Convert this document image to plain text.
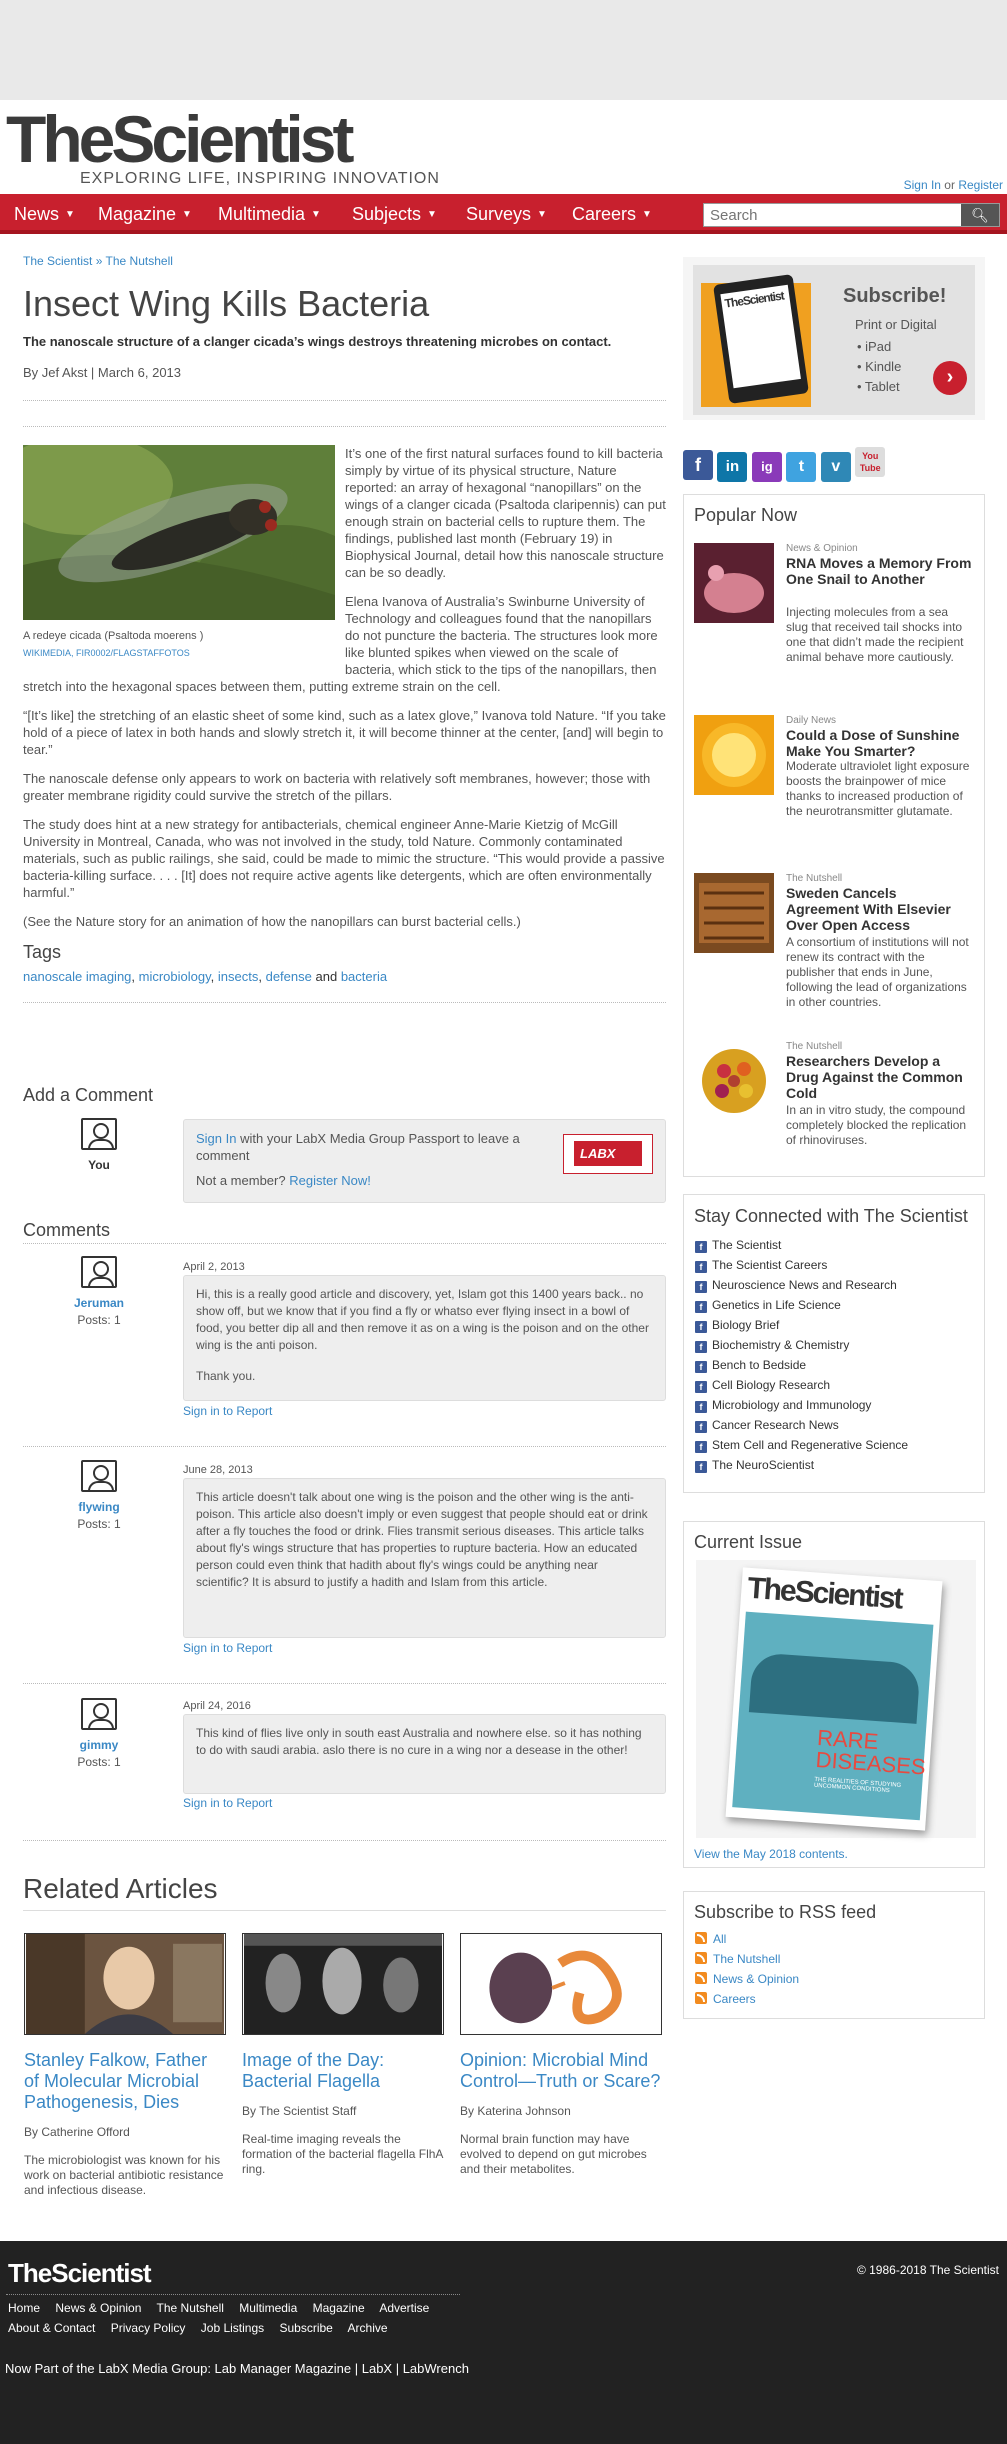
TheScientist
EXPLORING LIFE, INSPIRING INNOVATION	Sign In or Register
News ▼ Magazine ▼ Multimedia ▼ Subjects ▼ Surveys ▼ Careers ▼
Search	🔍︎
The Scientist » The Nutshell
Insect Wing Kills Bacteria
The nanoscale structure of a clanger cicada’s wings destroys threatening microbes on contact.
By Jef Akst | March 6, 2013
A redeye cicada (Psaltoda moerens )
WIKIMEDIA, FIR0002/FLAGSTAFFOTOS

It’s one of the first natural surfaces found to kill bacteria simply by virtue of its physical structure, Nature reported: an array of hexagonal “nanopillars” on the wings of a clanger cicada (Psaltoda claripennis) can put enough strain on bacterial cells to rupture them. The findings, published last month (February 19) in Biophysical Journal, detail how this nanoscale structure can be so deadly.

Elena Ivanova of Australia’s Swinburne University of Technology and colleagues found that the nanopillars do not puncture the bacteria. The structures look more like blunted spikes when viewed on the scale of bacteria, which stick to the tips of the nanopillars, then stretch into the hexagonal spaces between them, putting extreme strain on the cell.

“[It’s like] the stretching of an elastic sheet of some kind, such as a latex glove,” Ivanova told Nature. “If you take hold of a piece of latex in both hands and slowly stretch it, it will become thinner at the center, [and] will begin to tear.”

The nanoscale defense only appears to work on bacteria with relatively soft membranes, however; those with greater membrane rigidity could survive the stretch of the pillars.

The study does hint at a new strategy for antibacterials, chemical engineer Anne-Marie Kietzig of McGill University in Montreal, Canada, who was not involved in the study, told Nature. Commonly contaminated materials, such as public railings, she said, could be made to mimic the structure. “This would provide a passive bacteria-killing surface. . . . [It] does not require active agents like detergents, which are often environmentally harmful.”

(See the Nature story for an animation of how the nanopillars can burst bacterial cells.)

Tags
nanoscale imaging, microbiology, insects, defense and bacteria
Add a Comment
You
Sign In with your LabX Media Group Passport to leave a comment
Not a member? Register Now!
LABX
Comments
Jeruman
Posts: 1
April 2, 2013
Hi, this is a really good article and discovery, yet, Islam got this 1400 years back.. no show off, but we know that if you find a fly or whatso ever flying insect in a bowl of food, you better dip all and then remove it as on a wing is the poison and on the other wing is the anti poison.
Thank you.
Sign in to Report
flywing
Posts: 1
June 28, 2013
This article doesn't talk about one wing is the poison and the other wing is the anti-poison. This article also doesn't imply or even suggest that people should eat or drink after a fly touches the food or drink. Flies transmit serious diseases. This article talks about fly's wings structure that has properties to rupture bacteria. How an educated person could even think that hadith about fly's wings could be anything near scientific? It is absurd to justify a hadith and Islam from this article.
Sign in to Report
gimmy
Posts: 1
April 24, 2016
This kind of flies live only in south east Australia and nowhere else. so it has nothing to do with saudi arabia. aslo there is no cure in a wing nor a desease in the other!
Sign in to Report
Related Articles
Stanley Falkow, Father of Molecular Microbial Pathogenesis, Dies
By Catherine Offord
The microbiologist was known for his work on bacterial antibiotic resistance and infectious disease.
Image of the Day: Bacterial Flagella
By The Scientist Staff
Real-time imaging reveals the formation of the bacterial flagella FlhA ring.
Opinion: Microbial Mind Control—Truth or Scare?
By Katerina Johnson
Normal brain function may have evolved to depend on gut microbes and their metabolites.
TheScientist	Subscribe!
Print or Digital
• iPad
• Kindle
• Tablet	›
f in ig t v You Tube
Popular Now
News & Opinion
RNA Moves a Memory From One Snail to Another
Injecting molecules from a sea slug that received tail shocks into one that didn’t made the recipient animal behave more cautiously.
Daily News
Could a Dose of Sunshine Make You Smarter?
Moderate ultraviolet light exposure boosts the brainpower of mice thanks to increased production of the neurotransmitter glutamate.
The Nutshell
Sweden Cancels Agreement With Elsevier Over Open Access
A consortium of institutions will not renew its contract with the publisher that ends in June, following the lead of organizations in other countries.
The Nutshell
Researchers Develop a Drug Against the Common Cold
In an in vitro study, the compound completely blocked the replication of rhinoviruses.
Stay Connected with The Scientist
f The Scientist
f The Scientist Careers
f Neuroscience News and Research
f Genetics in Life Science
f Biology Brief
f Biochemistry & Chemistry
f Bench to Bedside
f Cell Biology Research
f Microbiology and Immunology
f Cancer Research News
f Stem Cell and Regenerative Science
f The NeuroScientist
Current Issue
TheScientist
RARE DISEASES
THE REALITIES OF STUDYING UNCOMMON CONDITIONS
View the May 2018 contents.
Subscribe to RSS feed
All
The Nutshell
News & Opinion
Careers
TheScientist	© 1986-2018 The Scientist
Home News & Opinion The Nutshell Multimedia Magazine Advertise
About & Contact Privacy Policy Job Listings Subscribe Archive
Now Part of the LabX Media Group: Lab Manager Magazine | LabX | LabWrench
